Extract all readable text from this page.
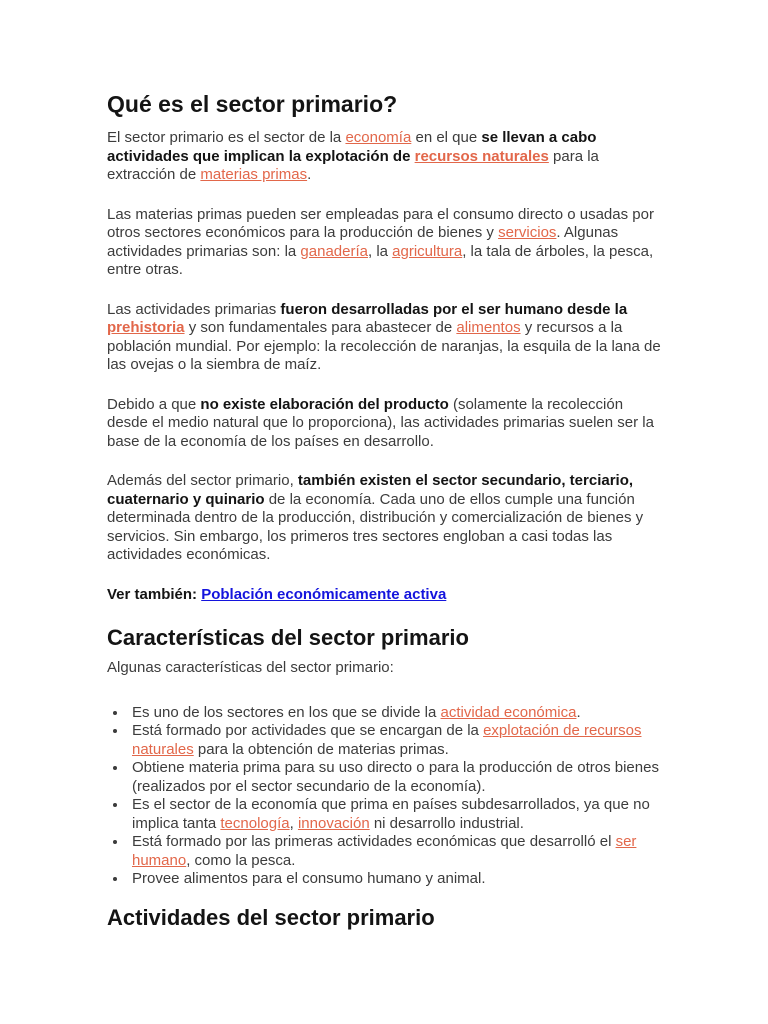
Qué es el sector primario?

El sector primario es el sector de la economía en el que se llevan a cabo actividades que implican la explotación de recursos naturales para la extracción de materias primas.

Las materias primas pueden ser empleadas para el consumo directo o usadas por otros sectores económicos para la producción de bienes y servicios. Algunas actividades primarias son: la ganadería, la agricultura, la tala de árboles, la pesca, entre otras.

Las actividades primarias fueron desarrolladas por el ser humano desde la prehistoria y son fundamentales para abastecer de alimentos y recursos a la población mundial. Por ejemplo: la recolección de naranjas, la esquila de la lana de las ovejas o la siembra de maíz.

Debido a que no existe elaboración del producto (solamente la recolección desde el medio natural que lo proporciona), las actividades primarias suelen ser la base de la economía de los países en desarrollo.

Además del sector primario, también existen el sector secundario, terciario, cuaternario y quinario de la economía. Cada uno de ellos cumple una función determinada dentro de la producción, distribución y comercialización de bienes y servicios. Sin embargo, los primeros tres sectores engloban a casi todas las actividades económicas.

Ver también: Población económicamente activa

Características del sector primario

Algunas características del sector primario:

• Es uno de los sectores en los que se divide la actividad económica.
• Está formado por actividades que se encargan de la explotación de recursos naturales para la obtención de materias primas.
• Obtiene materia prima para su uso directo o para la producción de otros bienes (realizados por el sector secundario de la economía).
• Es el sector de la economía que prima en países subdesarrollados, ya que no implica tanta tecnología, innovación ni desarrollo industrial.
• Está formado por las primeras actividades económicas que desarrolló el ser humano, como la pesca.
• Provee alimentos para el consumo humano y animal.
Actividades del sector primario
